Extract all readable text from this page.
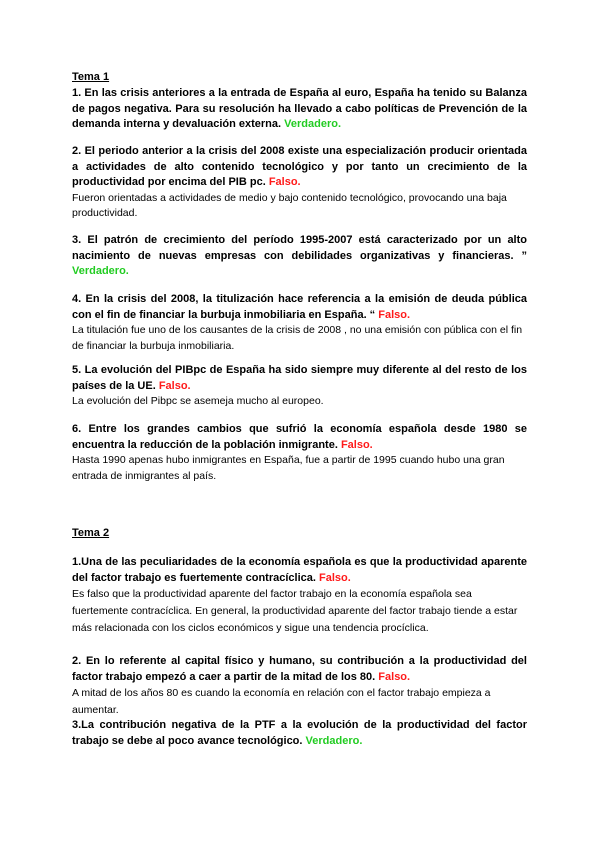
Tema 1

1. En las crisis anteriores a la entrada de España al euro, España ha tenido su Balanza de pagos negativa. Para su resolución ha llevado a cabo políticas de Prevención de la demanda interna y devaluación externa. Verdadero.

2. El periodo anterior a la crisis del 2008 existe una especialización producir orientada a actividades de alto contenido tecnológico y por tanto un crecimiento de la productividad por encima del PIB pc. Falso.

Fueron orientadas a actividades de medio y bajo contenido tecnológico, provocando una baja productividad.

3. El patrón de crecimiento del período 1995-2007 está caracterizado por un alto nacimiento de nuevas empresas con debilidades organizativas y financieras. ” Verdadero.

4. En la crisis del 2008, la titulización hace referencia a la emisión de deuda pública con el fin de financiar la burbuja inmobiliaria en España. “ Falso.

La titulación fue uno de los causantes de la crisis de 2008 , no una emisión con pública con el fin de financiar la burbuja inmobiliaria.

5. La evolución del PIBpc de España ha sido siempre muy diferente al del resto de los países de la UE. Falso.

La evolución del Pibpc se asemeja mucho al europeo.

6. Entre los grandes cambios que sufrió la economía española desde 1980 se encuentra la reducción de la población inmigrante. Falso.

Hasta 1990 apenas hubo inmigrantes en España, fue a partir de 1995 cuando hubo una gran entrada de inmigrantes al país.

Tema 2

1.Una de las peculiaridades de la economía española es que la productividad aparente del factor trabajo es fuertemente contracíclica. Falso.

Es falso que la productividad aparente del factor trabajo en la economía española sea fuertemente contracíclica. En general, la productividad aparente del factor trabajo tiende a estar más relacionada con los ciclos económicos y sigue una tendencia procíclica.

2. En lo referente al capital físico y humano, su contribución a la productividad del factor trabajo empezó a caer a partir de la mitad de los 80. Falso.

A mitad de los años 80 es cuando la economía en relación con el factor trabajo empieza a aumentar.

3.La contribución negativa de la PTF a la evolución de la productividad del factor trabajo se debe al poco avance tecnológico. Verdadero.
